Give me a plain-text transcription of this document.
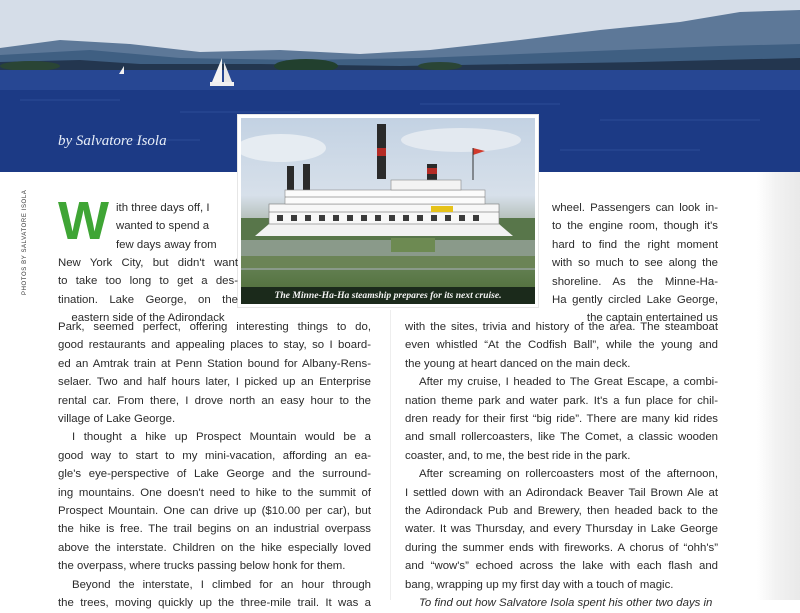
by Salvatore Isola
PHOTOS BY SALVATORE ISOLA
The Minne-Ha-Ha steamship prepares for its next cruise.
W ith three days off, I
wanted to spend a
few days away from
New York City, but didn't want
to take too long to get a des-
tination. Lake George, on the
eastern side of the Adirondack
Park, seemed perfect, offering interesting things to do,
good restaurants and appealing places to stay, so I board-
ed an Amtrak train at Penn Station bound for Albany-Rens-
selaer. Two and half hours later, I picked up an Enterprise
rental car. From there, I drove north an easy hour to the
village of Lake George.
I thought a hike up Prospect Mountain would be a
good way to start to my mini-vacation, affording an ea-
gle's eye-perspective of Lake George and the surround-
ing mountains. One doesn't need to hike to the summit of
Prospect Mountain. One can drive up ($10.00 per car), but
the hike is free. The trail begins on an industrial overpass
above the interstate. Children on the hike especially loved
the overpass, where trucks passing below honk for them.
Beyond the interstate, I climbed for an hour through
the trees, moving quickly up the three-mile trail. It was a
wheel. Passengers can look in-
to the engine room, though it's
hard to find the right moment
with so much to see along the
shoreline. As the Minne-Ha-
Ha gently circled Lake George,
the captain entertained us
with the sites, trivia and history of the area. The steamboat
even whistled “At the Codfish Ball”, while the young and
the young at heart danced on the main deck.
After my cruise, I headed to The Great Escape, a combi-
nation theme park and water park. It's a fun place for chil-
dren ready for their first “big ride”. There are many kid rides
and small rollercoasters, like The Comet, a classic wooden
coaster, and, to me, the best ride in the park.
After screaming on rollercoasters most of the afternoon,
I settled down with an Adirondack Beaver Tail Brown Ale at
the Adirondack Pub and Brewery, then headed back to the
water. It was Thursday, and every Thursday in Lake George
during the summer ends with fireworks. A chorus of “ohh's”
and “wow's” echoed across the lake with each flash and
bang, wrapping up my first day with a touch of magic.
To find out how Salvatore Isola spent his other two days in
